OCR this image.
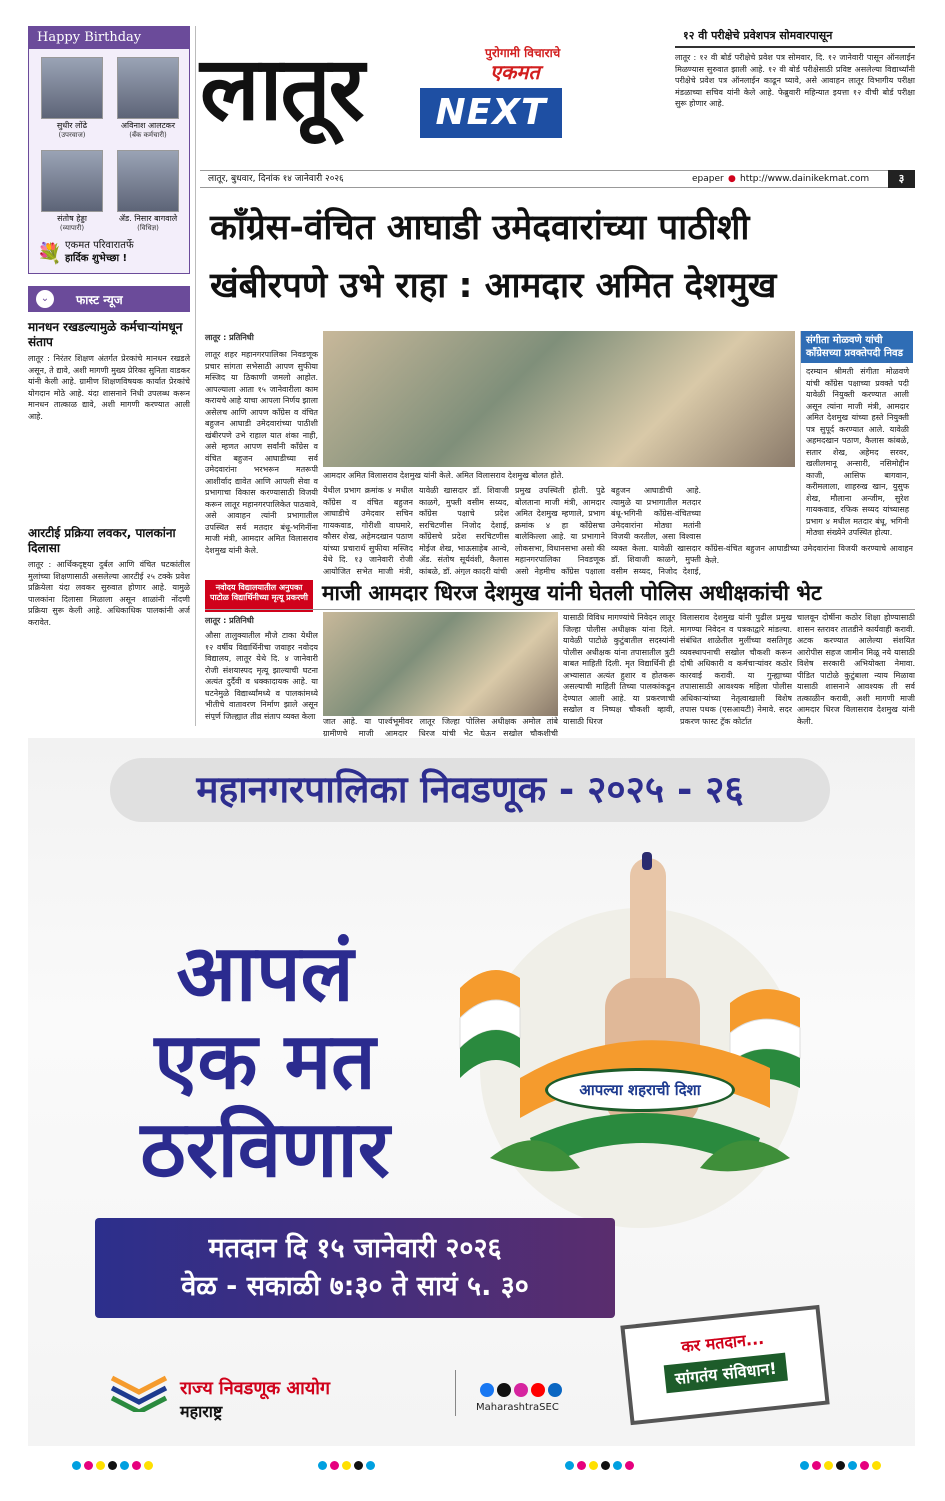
Happy Birthday
सुधीर लोंढे
(उपरवाज)
अविनाश आलटकर
(बँक कर्मचारी)
संतोष हेड्डा
(व्यापारी)
ॲड. निसार बागवाले
(विधिज्ञ)
💐 एकमत परिवारातर्फे
हार्दिक शुभेच्छा !
फास्ट न्यूज
⌄
मानधन रखडल्यामुळे कर्मचाऱ्यांमधून संताप

लातूर : निरंतर शिक्षण अंतर्गत प्रेरकांचे मानधन रखडले असून, ते द्यावे, अशी मागणी मुख्य प्रेरिका सुनिता वाडकर यांनी केली आहे. ग्रामीण शिक्षणविषयक कार्यात प्रेरकांचे योगदान मोठे आहे. यंदा शासनाने निधी उपलब्ध करून मानधन तात्काळ द्यावे, अशी मागणी करण्यात आली आहे.

आरटीई प्रक्रिया लवकर, पालकांना दिलासा

लातूर : आर्थिकदृष्ट्या दुर्बल आणि वंचित घटकांतील मुलांच्या शिक्षणासाठी असलेल्या आरटीई २५ टक्के प्रवेश प्रक्रियेला यंदा लवकर सुरुवात होणार आहे. यामुळे पालकांना दिलासा मिळाला असून शाळांनी नोंदणी प्रक्रिया सुरू केली आहे. अधिकाधिक पालकांनी अर्ज करावेत.

लातूर	NEXT
पुरोगामी विचाराचे
एकमत
१२ वी परीक्षेचे प्रवेशपत्र सोमवारपासून

लातूर : १२ वी बोर्ड परीक्षेचे प्रवेश पत्र सोमवार, दि. १२ जानेवारी पासून ऑनलाईन मिळण्यास सुरुवात झाली आहे. १२ वी बोर्ड परीक्षेसाठी प्रविष्ट असलेल्या विद्यार्थ्यांनी परीक्षेचे प्रवेश पत्र ऑनलाईन काढून घ्यावे, असे आवाहन लातूर विभागीय परीक्षा मंडळाच्या सचिव यांनी केले आहे. फेब्रुवारी महिन्यात इयत्ता १२ वीची बोर्ड परीक्षा सुरू होणार आहे.

लातूर, बुधवार, दिनांक १४ जानेवारी २०२६	epaper ● http://www.dainikekmat.com	३
काँग्रेस-वंचित आघाडी उमेदवारांच्या पाठीशी
खंबीरपणे उभे राहा : आमदार अमित देशमुख
लातूर : प्रतिनिधी

लातूर शहर महानगरपालिका निवडणूक प्रचार सांगता सभेसाठी आपण सुफीया मस्जिद या ठिकाणी जमलो आहोत. आपल्याला आता १५ जानेवारीला काम करायचे आहे याचा आपला निर्णय झाला असेलच आणि आपण काँग्रेस व वंचित बहुजन आघाडी उमेदवारांच्या पाठीशी खंबीरपणे उभे राहाल यात शंका नाही, असे म्हणत आपण सर्वांनी काँग्रेस व वंचित बहुजन आघाडीच्या सर्व उमेदवारांना भरभरून मतरूपी आशीर्वाद द्यावेत आणि आपली सेवा व प्रभागाचा विकास करण्यासाठी विजयी करून लातूर महानगरपालिकेत पाठवावे, असे आवाहन त्यांनी प्रभागातील उपस्थित सर्व मतदार बंधू-भगिनींना माजी मंत्री, आमदार अमित विलासराव देशमुख यांनी केले.

आमदार अमित विलासराव देशमुख यांनी केले. अमित विलासराव देशमुख बोलत होते.

येथील प्रभाग क्रमांक ४ मधील काँग्रेस व वंचित बहुजन आघाडीचे उमेदवार सचिन गायकवाड, गोरीशी वाघमारे, कौसर शेख, अहेमदखान पठाण यांच्या प्रचारार्थ सुफीया मस्जिद येथे दि. १३ जानेवारी रोजी आयोजित सभेत माजी मंत्री,

यावेळी खासदार डॉ. शिवाजी काळगे, मुफ्ती वसीम सय्यद, काँग्रेस पक्षाचे प्रदेश सरचिटणीस निजोद देशाई, काँग्रेसचे प्रदेश सरचिटणीस मोईज शेख, भाऊसाहेब आन्वे, ॲड. संतोष सूर्यवंशी, कैलास कांबळे, डॉ. अंगुल कादरी यांची

प्रमुख उपस्थिती होती. पुढे बोलताना माजी मंत्री, आमदार अमित देशमुख म्हणाले, प्रभाग क्रमांक ४ हा काँग्रेसचा बालेकिल्ला आहे. या प्रभागाने लोकसभा, विधानसभा असो की महानगरपालिका निवडणूक असो नेहमीच काँग्रेस पक्षाला

बहुजन आघाडीची आहे. त्यामुळे या प्रभागातील मतदार बंधू-भगिनी काँग्रेस-वंचितच्या उमेदवारांना मोठ्या मतांनी विजयी करतील, असा विश्वास व्यक्त केला. यावेळी खासदार डॉ. शिवाजी काळगे, मुफ्ती वसीम सय्यद, निजोद देशाई,

संगीता मोळवणे यांची काँग्रेसच्या प्रवक्तेपदी निवड

दरम्यान श्रीमती संगीता मोळवणे यांची काँग्रेस पक्षाच्या प्रवक्ते पदी यावेळी नियुक्ती करण्यात आली असून त्यांना माजी मंत्री, आमदार अमित देशमुख यांच्या हस्ते नियुक्ती पत्र सुपूर्द करण्यात आले. यावेळी अहमदखान पठाण, कैलास कांबळे, सतार शेख, अहेमद सरवर, खलीलमानू अन्सारी, नसिमोद्दीन काजी, आसिफ बागवान, करीमलाला, शाहरुख खान, युसुफ शेख, मौलाना अन्जीम, सुरेश गायकवाड, रफिक सय्यद यांच्यासह प्रभाग ४ मधील मतदार बंधू, भगिनी मोठ्या संख्येने उपस्थित होत्या.

काँग्रेस-वंचित बहुजन आघाडीच्या उमेदवारांना विजयी करण्याचे आवाहन केले.

नवोदय विद्यालयातील अनुपका पाटोळ विद्यार्थिनीच्या मृत्यू प्रकरणी माजी आमदार धिरज देशमुख यांनी घेतली पोलिस अधीक्षकांची भेट
लातूर : प्रतिनिधी

औसा तालुक्यातील मौजे टाका येथील १२ वर्षीय विद्यार्थिनीचा जवाहर नवोदय विद्यालय, लातूर येथे दि. ४ जानेवारी रोजी संशयास्पद मृत्यू झाल्याची घटना अत्यंत दुर्दैवी व धक्कादायक आहे. या घटनेमुळे विद्यार्थ्यांमध्ये व पालकांमध्ये भीतीचे वातावरण निर्माण झाले असून संपूर्ण जिल्ह्यात तीव्र संताप व्यक्त केला

जात आहे. या पार्श्वभूमीवर लातूर ग्रामीणचे माजी आमदार धिरज

जिल्हा पोलिस अधीक्षक अमोल तांबे यांची भेट घेऊन सखोल चौकशीची

यासाठी विविध मागण्यांचे निवेदन लातूर जिल्हा पोलीस अधीक्षक यांना दिले. यावेळी पाटोळे कुटुंबातील सदस्यांनी पोलीस अधीक्षक यांना तपासातील त्रुटी बाबत माहिती दिली. मृत विद्यार्थिनी ही अभ्यासात अत्यंत हुशार व होतकरू असल्याची माहिती तिच्या पालकांकडून देण्यात आली आहे. या प्रकरणाची सखोल व निष्पक्ष चौकशी व्हावी, यासाठी धिरज

विलासराव देशमुख यांनी पुढील प्रमुख मागण्या निवेदन व पत्रकाद्वारे मांडल्या. संबंधित शाळेतील मुलींच्या वसतिगृह व्यवस्थापनाची सखोल चौकशी करून दोषी अधिकारी व कर्मचाऱ्यांवर कठोर कारवाई करावी. या गुन्ह्याच्या तपासासाठी आवश्यक महिला पोलीस अधिकाऱ्यांच्या नेतृत्वाखाली विशेष तपास पथक (एसआयटी) नेमावे. सदर प्रकरण फास्ट ट्रॅक कोर्टात

चालवून दोषींना कठोर शिक्षा होण्यासाठी शासन स्तरावर तातडीने कार्यवाही करावी. अटक करण्यात आलेल्या संशयित आरोपीस सहज जामीन मिळू नये यासाठी विशेष सरकारी अभियोक्ता नेमावा. पीडित पाटोळे कुटुंबाला न्याय मिळावा यासाठी शासनाने आवश्यक ती सर्व तत्काळीन करावी, अशी मागणी माजी आमदार धिरज विलासराव देशमुख यांनी केली.

महानगरपालिका निवडणूक - २०२५ - २६
आपलं
एक मत
ठरविणार
आपल्या शहराची दिशा
मतदान दि १५ जानेवारी २०२६
वेळ - सकाळी ७:३० ते सायं ५. ३०
राज्य निवडणूक आयोग
महाराष्ट्र	MaharashtraSEC
कर मतदान...
सांगतंय संविधान!
